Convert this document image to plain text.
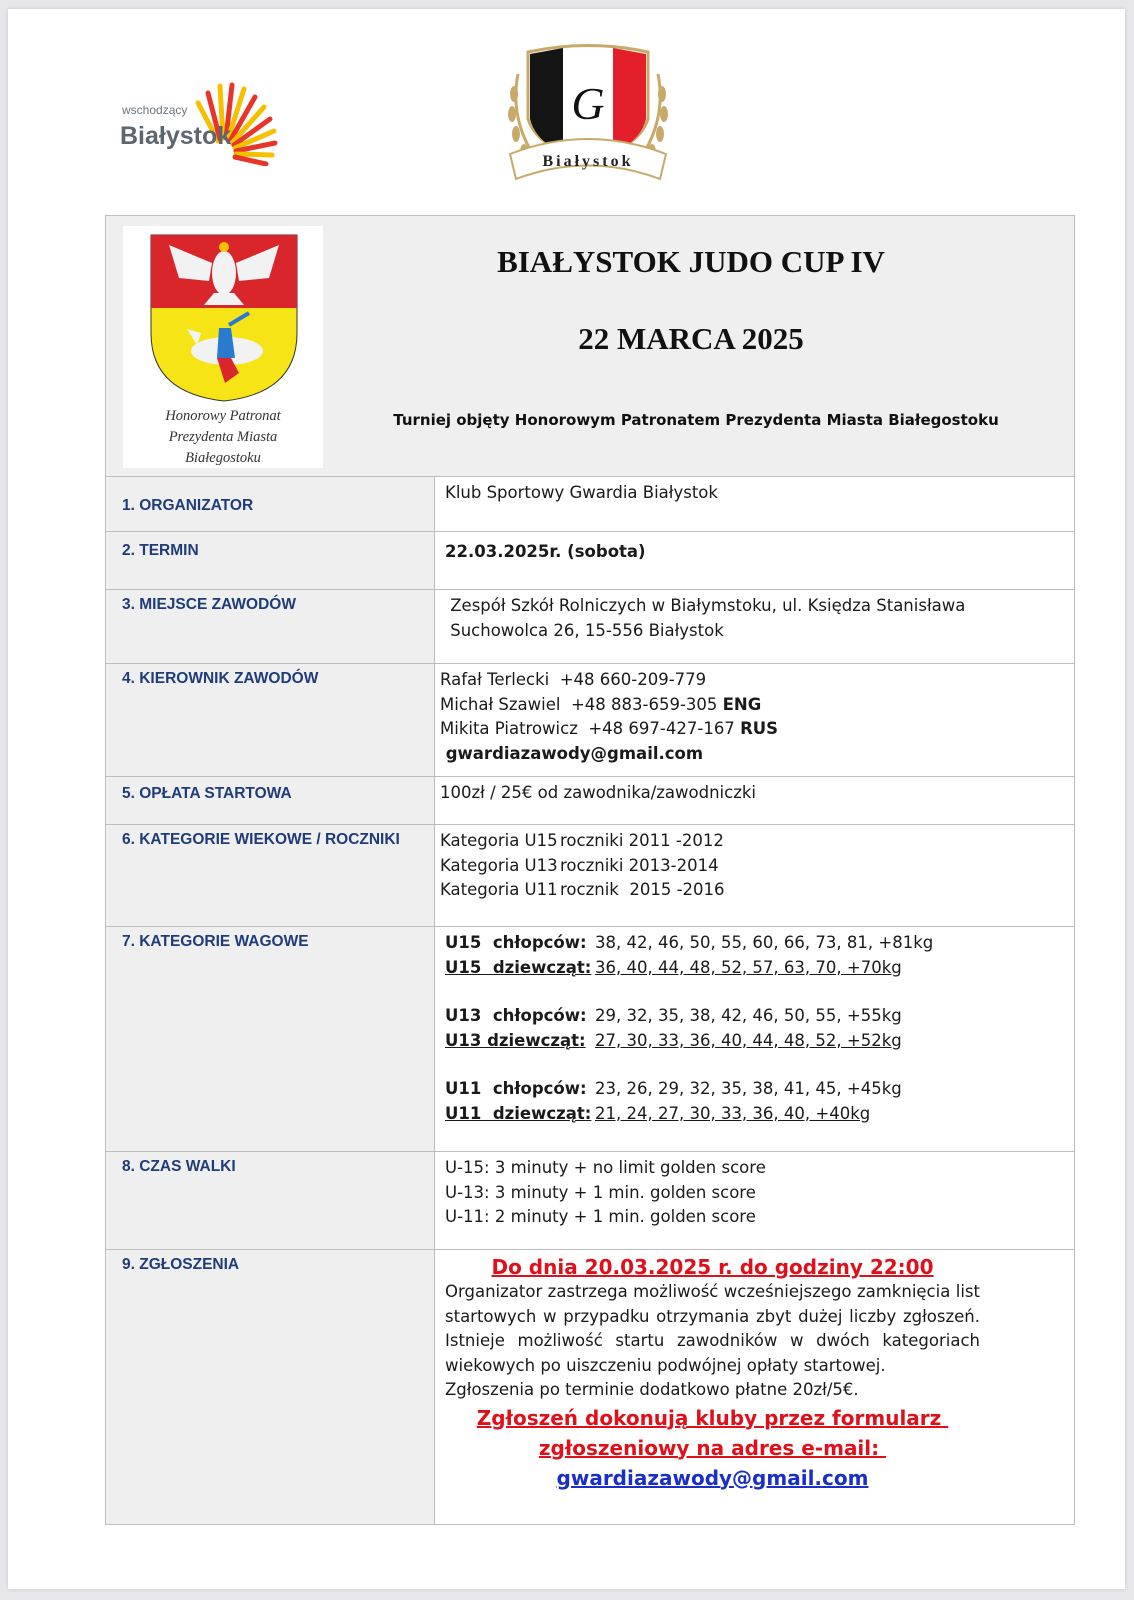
wschodzący
Białystok
G
Białystok
Honorowy Patronat
Prezydenta Miasta
Białegostoku
BIAŁYSTOK JUDO CUP IV
22 MARCA 2025
Turniej objęty Honorowym Patronatem Prezydenta Miasta Białegostoku

1. ORGANIZATOR	Klub Sportowy Gwardia Białystok

2. TERMIN	22.03.2025r. (sobota)

3. MIEJSCE ZAWODÓW	Zespół Szkół Rolniczych w Białymstoku, ul. Księdza Stanisława
Suchowolca 26, 15-556 Białystok

4. KIEROWNIK ZAWODÓW	Rafał Terlecki  +48 660-209-779
Michał Szawiel  +48 883-659-305 ENG
Mikita Piatrowicz  +48 697-427-167 RUS
gwardiazawody@gmail.com

5. OPŁATA STARTOWA	100zł / 25€ od zawodnika/zawodniczki

6. KATEGORIE WIEKOWE / ROCZNIKI	Kategoria U15 roczniki 2011 -2012
Kategoria U13 roczniki 2013-2014
Kategoria U11 rocznik  2015 -2016

7. KATEGORIE WAGOWE	U15  chłopców: 38, 42, 46, 50, 55, 60, 66, 73, 81, +81kg
U15  dziewcząt: 36, 40, 44, 48, 52, 57, 63, 70, +70kg
U13  chłopców: 29, 32, 35, 38, 42, 46, 50, 55, +55kg
U13 dziewcząt: 27, 30, 33, 36, 40, 44, 48, 52, +52kg
U11  chłopców: 23, 26, 29, 32, 35, 38, 41, 45, +45kg
U11  dziewcząt: 21, 24, 27, 30, 33, 36, 40, +40kg

8. CZAS WALKI	U-15: 3 minuty + no limit golden score
U-13: 3 minuty + 1 min. golden score
U-11: 2 minuty + 1 min. golden score

9. ZGŁOSZENIA	Do dnia 20.03.2025 r. do godziny 22:00
Organizator zastrzega możliwość wcześniejszego zamknięcia list startowych w przypadku otrzymania zbyt dużej liczby zgłoszeń. Istnieje możliwość startu zawodników w dwóch kategoriach wiekowych po uiszczeniu podwójnej opłaty startowej.
Zgłoszenia po terminie dodatkowo płatne 20zł/5€.
Zgłoszeń dokonują kluby przez formularz
zgłoszeniowy na adres e-mail:
gwardiazawody@gmail.com
